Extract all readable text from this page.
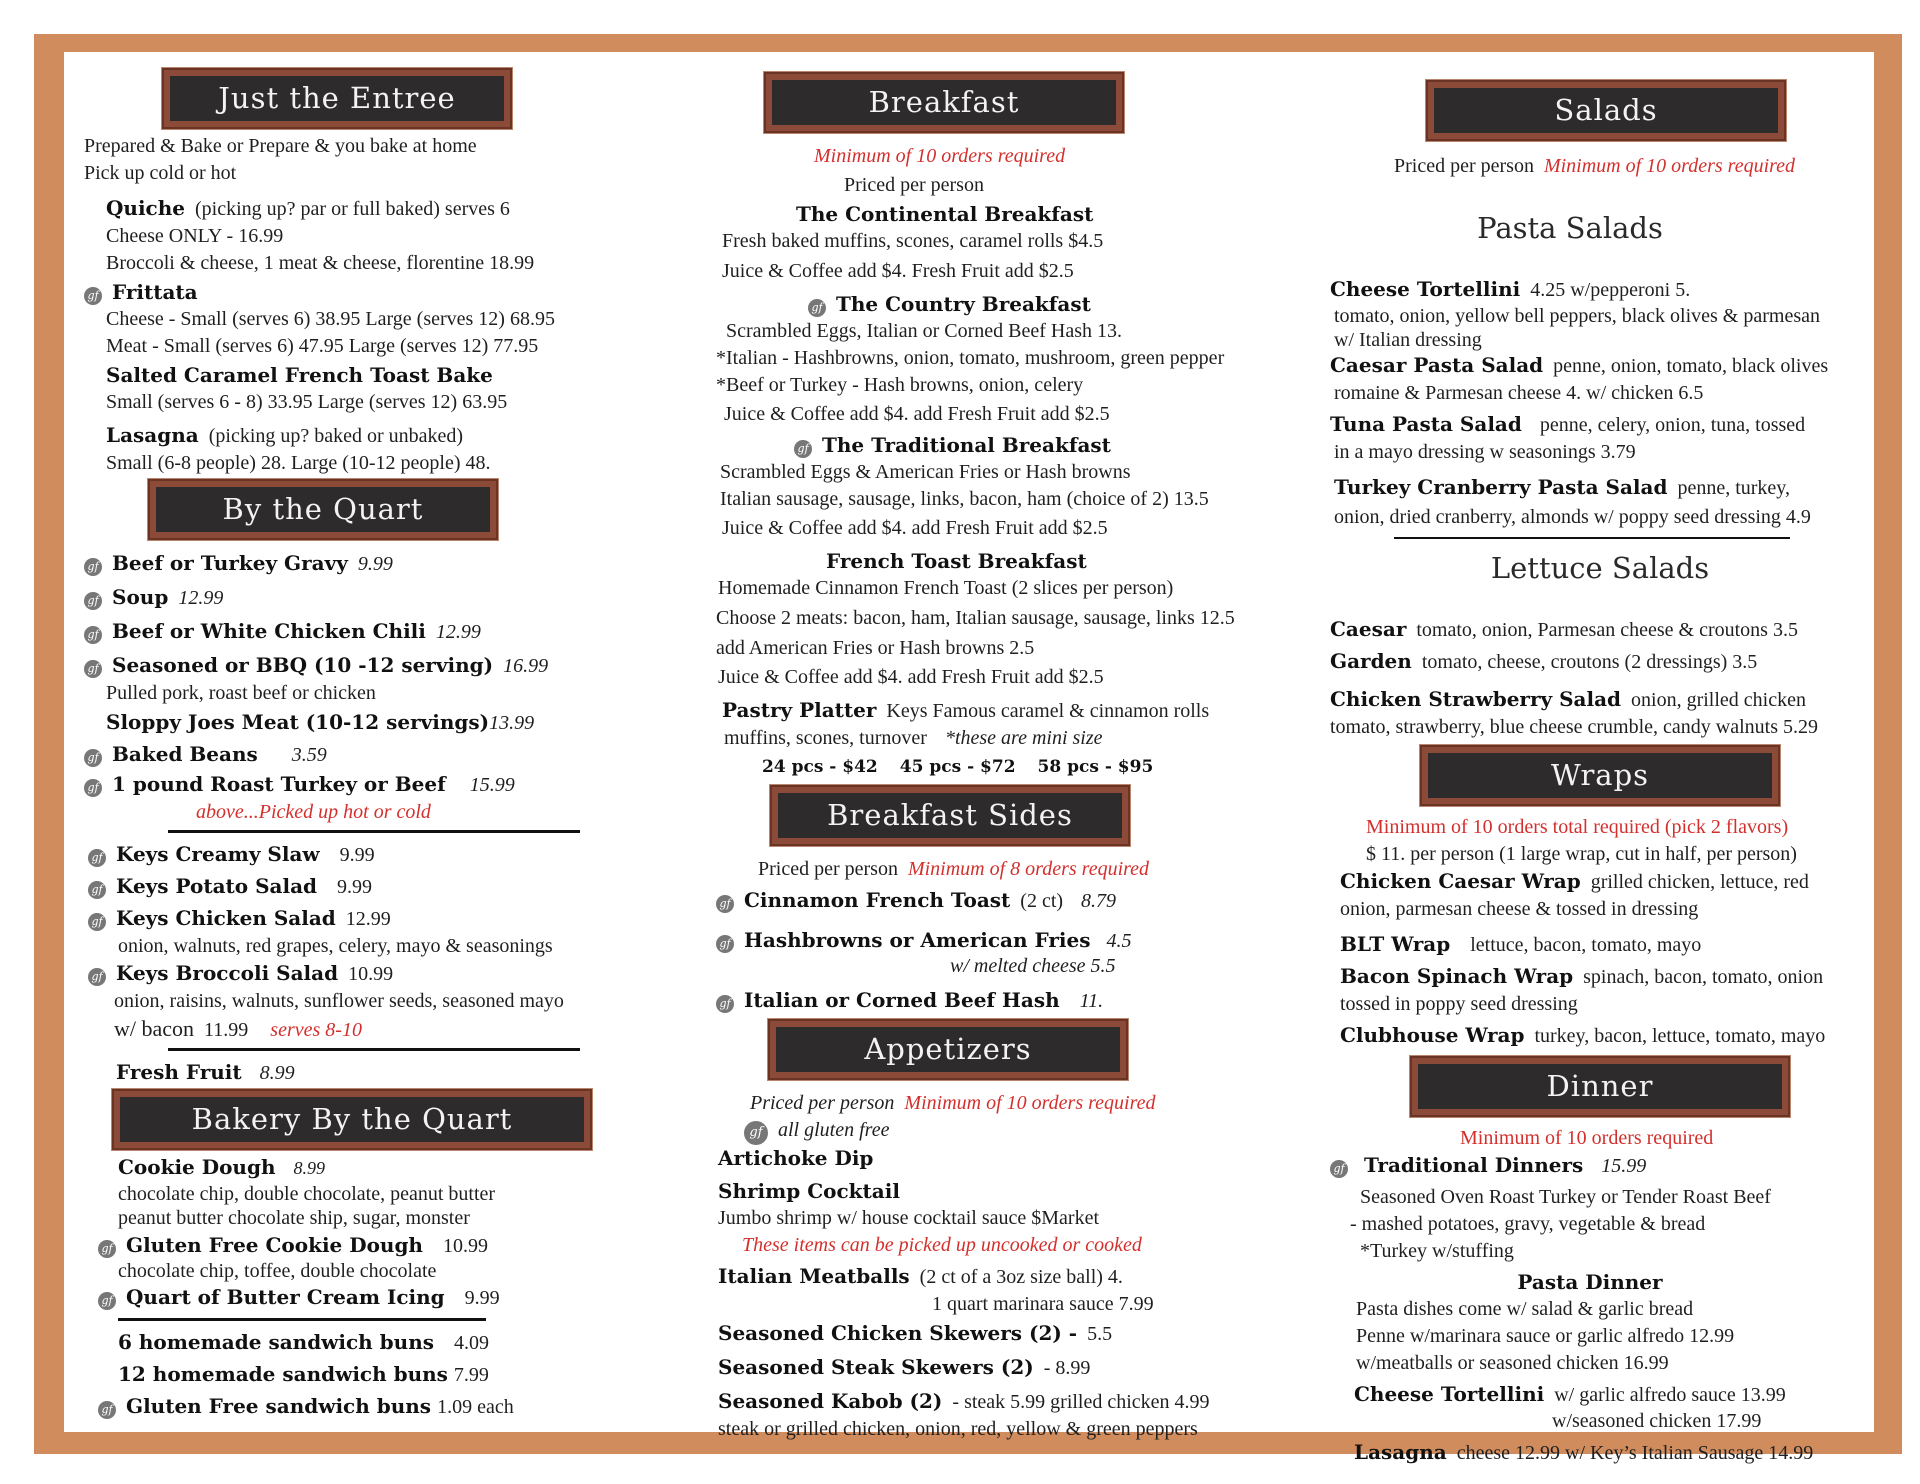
Just the Entree

Prepared & Bake or Prepare & you bake at home

Pick up cold or hot

Quiche (picking up? par or full baked) serves 6

Cheese ONLY - 16.99

Broccoli & cheese, 1 meat & cheese, florentine 18.99

gf Frittata

Cheese - Small (serves 6) 38.95 Large (serves 12) 68.95

Meat - Small (serves 6) 47.95 Large (serves 12) 77.95

Salted Caramel French Toast Bake

Small (serves 6 - 8) 33.95 Large (serves 12) 63.95

Lasagna (picking up? baked or unbaked)

Small (6-8 people) 28. Large (10-12 people) 48.

By the Quart
gf Beef or Turkey Gravy 9.99
gf Soup 12.99
gf Beef or White Chicken Chili 12.99
gf Seasoned or BBQ (10 -12 serving) 16.99

Pulled pork, roast beef or chicken

Sloppy Joes Meat (10-12 servings) 13.99
gf Baked Beans 3.59
gf 1 pound Roast Turkey or Beef 15.99

above...Picked up hot or cold

gf Keys Creamy Slaw 9.99
gf Keys Potato Salad 9.99
gf Keys Chicken Salad 12.99

onion, walnuts, red grapes, celery, mayo & seasonings

gf Keys Broccoli Salad 10.99

onion, raisins, walnuts, sunflower seeds, seasoned mayo

w/ bacon 11.99 serves 8-10
Fresh Fruit 8.99
Bakery By the Quart
Cookie Dough 8.99

chocolate chip, double chocolate, peanut butter

peanut butter chocolate ship, sugar, monster

gf Gluten Free Cookie Dough 10.99

chocolate chip, toffee, double chocolate

gf Quart of Butter Cream Icing 9.99
6 homemade sandwich buns 4.09
12 homemade sandwich buns 7.99
gf Gluten Free sandwich buns 1.09 each
Breakfast

Minimum of 10 orders required

Priced per person

The Continental Breakfast

Fresh baked muffins, scones, caramel rolls $4.5

Juice & Coffee add $4. Fresh Fruit add $2.5

gf The Country Breakfast

Scrambled Eggs, Italian or Corned Beef Hash 13.

*Italian - Hashbrowns, onion, tomato, mushroom, green pepper

*Beef or Turkey - Hash browns, onion, celery

Juice & Coffee add $4. add Fresh Fruit add $2.5

gf The Traditional Breakfast

Scrambled Eggs & American Fries or Hash browns

Italian sausage, sausage, links, bacon, ham (choice of 2) 13.5

Juice & Coffee add $4. add Fresh Fruit add $2.5

French Toast Breakfast

Homemade Cinnamon French Toast (2 slices per person)

Choose 2 meats: bacon, ham, Italian sausage, sausage, links 12.5

add American Fries or Hash browns 2.5

Juice & Coffee add $4. add Fresh Fruit add $2.5

Pastry Platter Keys Famous caramel & cinnamon rolls
muffins, scones, turnover *these are mini size
24 pcs - $42 45 pcs - $72 58 pcs - $95
Breakfast Sides
Priced per person Minimum of 8 orders required
gf Cinnamon French Toast (2 ct) 8.79
gf Hashbrowns or American Fries 4.5

w/ melted cheese 5.5

gf Italian or Corned Beef Hash 11.
Appetizers
Priced per person Minimum of 10 orders required
gf all gluten free

Artichoke Dip

Shrimp Cocktail

Jumbo shrimp w/ house cocktail sauce $Market

These items can be picked up uncooked or cooked

Italian Meatballs (2 ct of a 3oz size ball) 4.

1 quart marinara sauce 7.99

Seasoned Chicken Skewers (2) - 5.5
Seasoned Steak Skewers (2) - 8.99
Seasoned Kabob (2) - steak 5.99 grilled chicken 4.99

steak or grilled chicken, onion, red, yellow & green peppers

Salads
Priced per person Minimum of 10 orders required

Pasta Salads

Cheese Tortellini 4.25 w/pepperoni 5.

tomato, onion, yellow bell peppers, black olives & parmesan

w/ Italian dressing

Caesar Pasta Salad penne, onion, tomato, black olives

romaine & Parmesan cheese 4. w/ chicken 6.5

Tuna Pasta Salad penne, celery, onion, tuna, tossed

in a mayo dressing w seasonings 3.79

Turkey Cranberry Pasta Salad penne, turkey,

onion, dried cranberry, almonds w/ poppy seed dressing 4.9

Lettuce Salads

Caesar tomato, onion, Parmesan cheese & croutons 3.5
Garden tomato, cheese, croutons (2 dressings) 3.5
Chicken Strawberry Salad onion, grilled chicken

tomato, strawberry, blue cheese crumble, candy walnuts 5.29

Wraps

Minimum of 10 orders total required (pick 2 flavors)

$ 11. per person (1 large wrap, cut in half, per person)

Chicken Caesar Wrap grilled chicken, lettuce, red

onion, parmesan cheese & tossed in dressing

BLT Wrap lettuce, bacon, tomato, mayo
Bacon Spinach Wrap spinach, bacon, tomato, onion

tossed in poppy seed dressing

Clubhouse Wrap turkey, bacon, lettuce, tomato, mayo
Dinner

Minimum of 10 orders required

gf Traditional Dinners 15.99

Seasoned Oven Roast Turkey or Tender Roast Beef

- mashed potatoes, gravy, vegetable & bread

*Turkey w/stuffing

Pasta Dinner

Pasta dishes come w/ salad & garlic bread

Penne w/marinara sauce or garlic alfredo 12.99

w/meatballs or seasoned chicken 16.99

Cheese Tortellini w/ garlic alfredo sauce 13.99

w/seasoned chicken 17.99

Lasagna cheese 12.99 w/ Key’s Italian Sausage 14.99
